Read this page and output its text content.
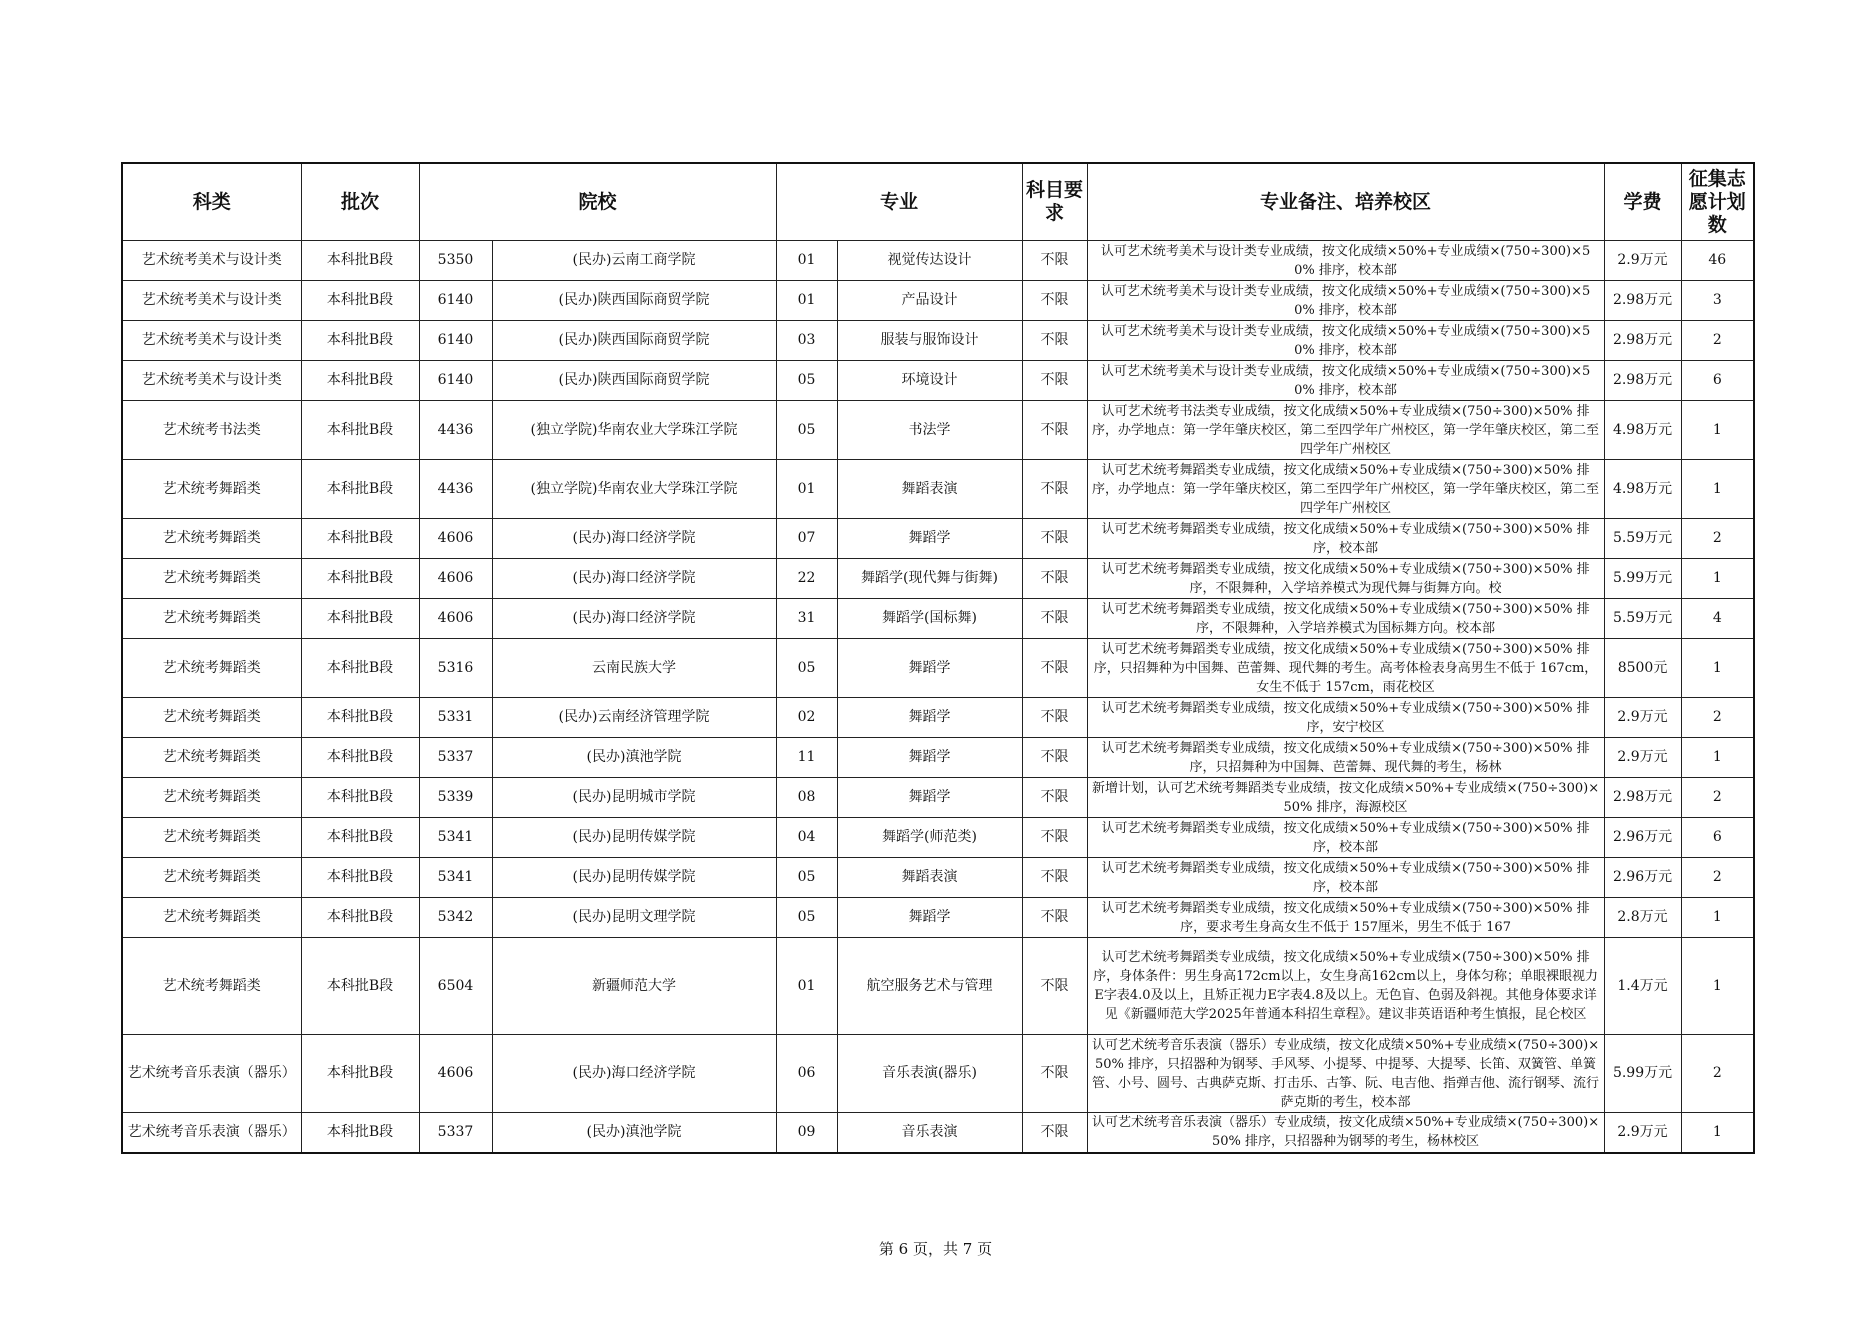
科类	批次	院校		专业		科目要求	专业备注、培养校区	学费	征集志愿计划数
艺术统考美术与设计类	本科批B段	5350	(民办)云南工商学院	01	视觉传达设计	不限	认可艺术统考美术与设计类专业成绩，按文化成绩×50%+专业成绩×(750÷300)×50% 排序，校本部	2.9万元	46
艺术统考美术与设计类	本科批B段	6140	(民办)陕西国际商贸学院	01	产品设计	不限	认可艺术统考美术与设计类专业成绩，按文化成绩×50%+专业成绩×(750÷300)×50% 排序，校本部	2.98万元	3
艺术统考美术与设计类	本科批B段	6140	(民办)陕西国际商贸学院	03	服装与服饰设计	不限	认可艺术统考美术与设计类专业成绩，按文化成绩×50%+专业成绩×(750÷300)×50% 排序，校本部	2.98万元	2
艺术统考美术与设计类	本科批B段	6140	(民办)陕西国际商贸学院	05	环境设计	不限	认可艺术统考美术与设计类专业成绩，按文化成绩×50%+专业成绩×(750÷300)×50% 排序，校本部	2.98万元	6
艺术统考书法类	本科批B段	4436	(独立学院)华南农业大学珠江学院	05	书法学	不限	认可艺术统考书法类专业成绩，按文化成绩×50%+专业成绩×(750÷300)×50% 排序，办学地点：第一学年肇庆校区，第二至四学年广州校区，第一学年肇庆校区，第二至四学年广州校区	4.98万元	1
艺术统考舞蹈类	本科批B段	4436	(独立学院)华南农业大学珠江学院	01	舞蹈表演	不限	认可艺术统考舞蹈类专业成绩，按文化成绩×50%+专业成绩×(750÷300)×50% 排序，办学地点：第一学年肇庆校区，第二至四学年广州校区，第一学年肇庆校区，第二至四学年广州校区	4.98万元	1
艺术统考舞蹈类	本科批B段	4606	(民办)海口经济学院	07	舞蹈学	不限	认可艺术统考舞蹈类专业成绩，按文化成绩×50%+专业成绩×(750÷300)×50% 排序，校本部	5.59万元	2
艺术统考舞蹈类	本科批B段	4606	(民办)海口经济学院	22	舞蹈学(现代舞与街舞)	不限	认可艺术统考舞蹈类专业成绩，按文化成绩×50%+专业成绩×(750÷300)×50% 排序，不限舞种，入学培养模式为现代舞与街舞方向。校	5.99万元	1
艺术统考舞蹈类	本科批B段	4606	(民办)海口经济学院	31	舞蹈学(国标舞)	不限	认可艺术统考舞蹈类专业成绩，按文化成绩×50%+专业成绩×(750÷300)×50% 排序，不限舞种，入学培养模式为国标舞方向。校本部	5.59万元	4
艺术统考舞蹈类	本科批B段	5316	云南民族大学	05	舞蹈学	不限	认可艺术统考舞蹈类专业成绩，按文化成绩×50%+专业成绩×(750÷300)×50% 排序，只招舞种为中国舞、芭蕾舞、现代舞的考生。高考体检表身高男生不低于 167cm，女生不低于 157cm，雨花校区	8500元	1
艺术统考舞蹈类	本科批B段	5331	(民办)云南经济管理学院	02	舞蹈学	不限	认可艺术统考舞蹈类专业成绩，按文化成绩×50%+专业成绩×(750÷300)×50% 排序，安宁校区	2.9万元	2
艺术统考舞蹈类	本科批B段	5337	(民办)滇池学院	11	舞蹈学	不限	认可艺术统考舞蹈类专业成绩，按文化成绩×50%+专业成绩×(750÷300)×50% 排序，只招舞种为中国舞、芭蕾舞、现代舞的考生，杨林	2.9万元	1
艺术统考舞蹈类	本科批B段	5339	(民办)昆明城市学院	08	舞蹈学	不限	新增计划，认可艺术统考舞蹈类专业成绩，按文化成绩×50%+专业成绩×(750÷300)×50% 排序，海源校区	2.98万元	2
艺术统考舞蹈类	本科批B段	5341	(民办)昆明传媒学院	04	舞蹈学(师范类)	不限	认可艺术统考舞蹈类专业成绩，按文化成绩×50%+专业成绩×(750÷300)×50% 排序，校本部	2.96万元	6
艺术统考舞蹈类	本科批B段	5341	(民办)昆明传媒学院	05	舞蹈表演	不限	认可艺术统考舞蹈类专业成绩，按文化成绩×50%+专业成绩×(750÷300)×50% 排序，校本部	2.96万元	2
艺术统考舞蹈类	本科批B段	5342	(民办)昆明文理学院	05	舞蹈学	不限	认可艺术统考舞蹈类专业成绩，按文化成绩×50%+专业成绩×(750÷300)×50% 排序，要求考生身高女生不低于 157厘米，男生不低于 167	2.8万元	1
艺术统考舞蹈类	本科批B段	6504	新疆师范大学	01	航空服务艺术与管理	不限	认可艺术统考舞蹈类专业成绩，按文化成绩×50%+专业成绩×(750÷300)×50% 排序，身体条件：男生身高172cm以上，女生身高162cm以上，身体匀称；单眼裸眼视力E字表4.0及以上，且矫正视力E字表4.8及以上。无色盲、色弱及斜视。其他身体要求详见《新疆师范大学2025年普通本科招生章程》。建议非英语语种考生慎报，昆仑校区	1.4万元	1
艺术统考音乐表演（器乐）	本科批B段	4606	(民办)海口经济学院	06	音乐表演(器乐)	不限	认可艺术统考音乐表演（器乐）专业成绩，按文化成绩×50%+专业成绩×(750÷300)×50% 排序，只招器种为钢琴、手风琴、小提琴、中提琴、大提琴、长笛、双簧管、单簧管、小号、圆号、古典萨克斯、打击乐、古筝、阮、电吉他、指弹吉他、流行钢琴、流行萨克斯的考生，校本部	5.99万元	2
艺术统考音乐表演（器乐）	本科批B段	5337	(民办)滇池学院	09	音乐表演	不限	认可艺术统考音乐表演（器乐）专业成绩，按文化成绩×50%+专业成绩×(750÷300)×50% 排序，只招器种为钢琴的考生，杨林校区	2.9万元	1
第 6 页，共 7 页
